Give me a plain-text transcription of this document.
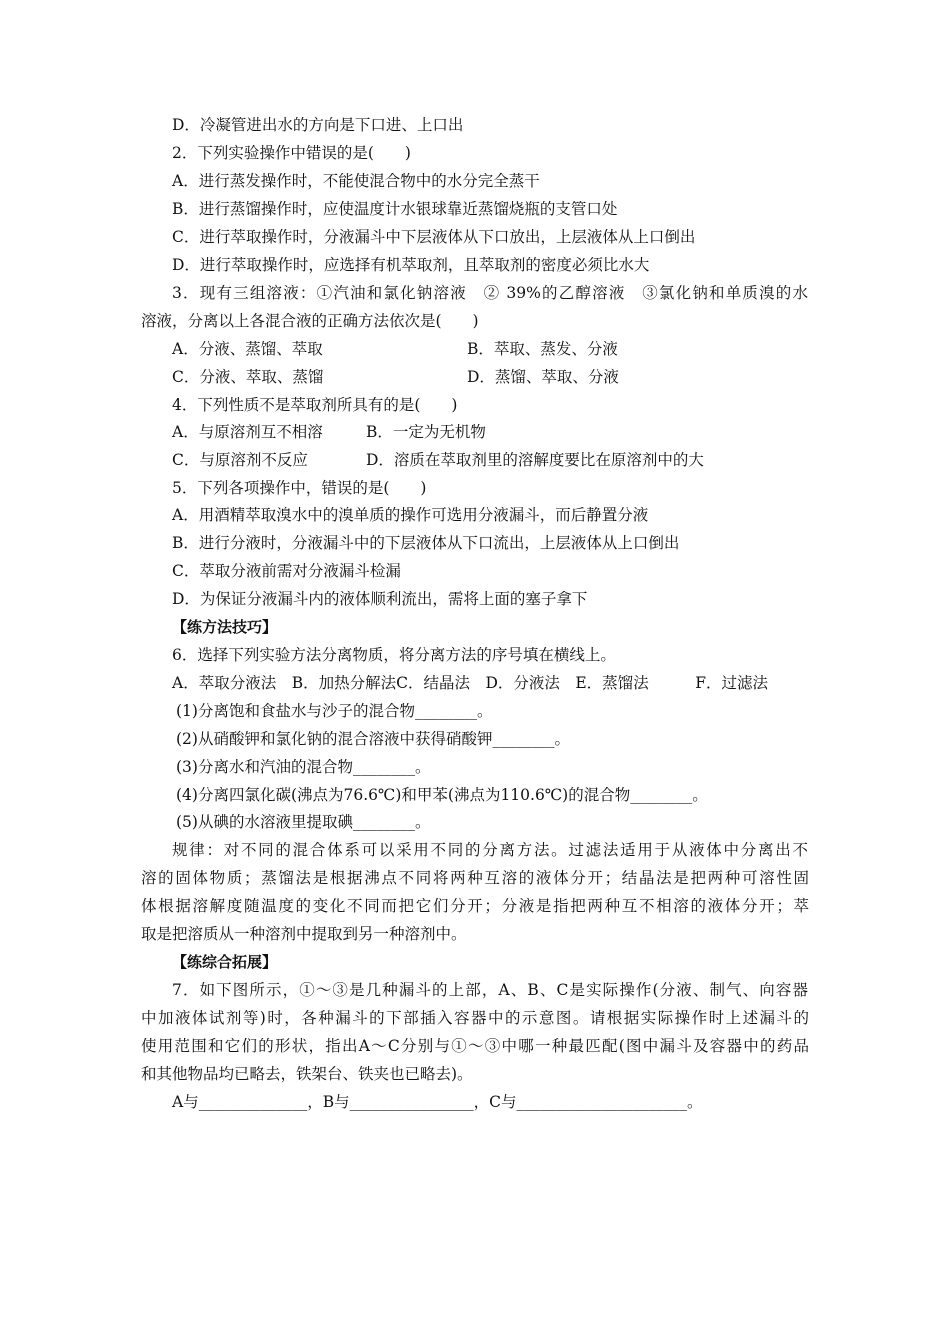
D．冷凝管进出水的方向是下口进、上口出
2．下列实验操作中错误的是(　　)
A．进行蒸发操作时，不能使混合物中的水分完全蒸干
B．进行蒸馏操作时，应使温度计水银球靠近蒸馏烧瓶的支管口处
C．进行萃取操作时，分液漏斗中下层液体从下口放出，上层液体从上口倒出
D．进行萃取操作时，应选择有机萃取剂，且萃取剂的密度必须比水大
3．现有三组溶液：①汽油和氯化钠溶液　② 39%的乙醇溶液　③氯化钠和单质溴的水
溶液，分离以上各混合液的正确方法依次是(　　)
A．分液、蒸馏、萃取	B．萃取、蒸发、分液
C．分液、萃取、蒸馏	D．蒸馏、萃取、分液
4．下列性质不是萃取剂所具有的是(　　)
A．与原溶剂互不相溶	B．一定为无机物
C．与原溶剂不反应	D．溶质在萃取剂里的溶解度要比在原溶剂中的大
5．下列各项操作中，错误的是(　　)
A．用酒精萃取溴水中的溴单质的操作可选用分液漏斗，而后静置分液
B．进行分液时，分液漏斗中的下层液体从下口流出，上层液体从上口倒出
C．萃取分液前需对分液漏斗检漏
D．为保证分液漏斗内的液体顺利流出，需将上面的塞子拿下
【练方法技巧】
6．选择下列实验方法分离物质，将分离方法的序号填在横线上。
A．萃取分液法　B．加热分解法C．结晶法　D．分液法　E．蒸馏法　　　F．过滤法
(1)分离饱和食盐水与沙子的混合物________。
(2)从硝酸钾和氯化钠的混合溶液中获得硝酸钾________。
(3)分离水和汽油的混合物________。
(4)分离四氯化碳(沸点为76.6℃)和甲苯(沸点为110.6℃)的混合物________。
(5)从碘的水溶液里提取碘________。
规律：对不同的混合体系可以采用不同的分离方法。过滤法适用于从液体中分离出不
溶的固体物质；蒸馏法是根据沸点不同将两种互溶的液体分开；结晶法是把两种可溶性固
体根据溶解度随温度的变化不同而把它们分开；分液是指把两种互不相溶的液体分开；萃
取是把溶质从一种溶剂中提取到另一种溶剂中。
【练综合拓展】
7．如下图所示，①～③是几种漏斗的上部，A、B、C是实际操作(分液、制气、向容器
中加液体试剂等)时，各种漏斗的下部插入容器中的示意图。请根据实际操作时上述漏斗的
使用范围和它们的形状，指出A～C分别与①～③中哪一种最匹配(图中漏斗及容器中的药品
和其他物品均已略去，铁架台、铁夹也已略去)。
A与______________，B与________________，C与______________________。
